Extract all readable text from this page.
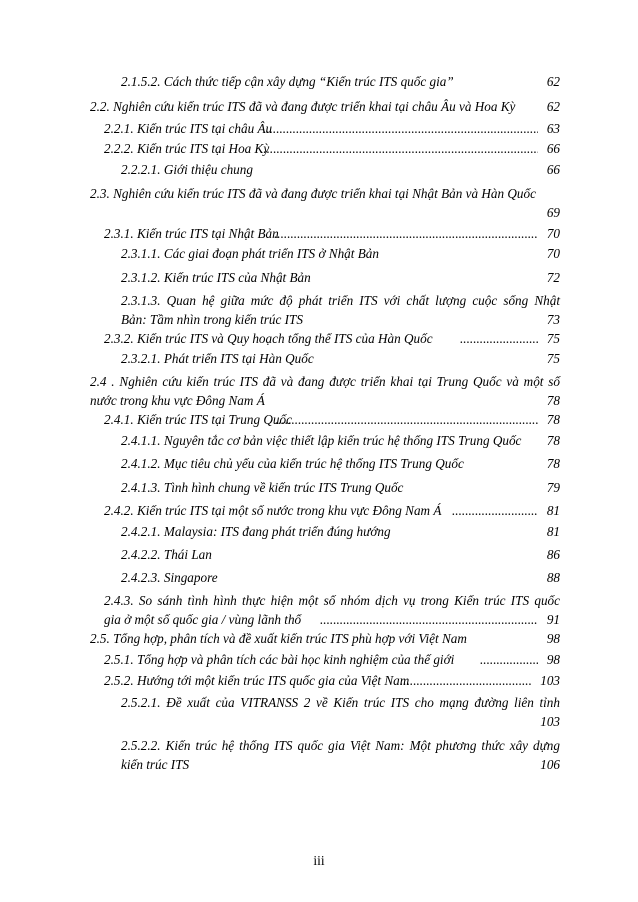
2.1.5.2. Cách thức tiếp cận xây dựng “Kiến trúc ITS quốc gia”	62
2.2. Nghiên cứu kiến trúc ITS đã và đang được triển khai tại châu Âu và Hoa Kỳ 62
2.2.1. Kiến trúc ITS tại châu Âu .....	63
2.2.2. Kiến trúc ITS tại Hoa Kỳ .....	66
2.2.2.1. Giới thiệu chung	66
2.3. Nghiên cứu kiến trúc ITS đã và đang được triển khai tại Nhật Bản và Hàn Quốc
69
2.3.1. Kiến trúc ITS tại Nhật Bản .....	70
2.3.1.1. Các giai đoạn phát triển ITS ở Nhật Bản	70
2.3.1.2. Kiến trúc ITS của Nhật Bản	72
2.3.1.3. Quan hệ giữa mức độ phát triển ITS với chất lượng cuộc sống Nhật
Bản: Tầm nhìn trong kiến trúc ITS	73
2.3.2. Kiến trúc ITS và Quy hoạch tổng thể ITS của Hàn Quốc .....	75
2.3.2.1. Phát triển ITS tại Hàn Quốc	75
2.4 . Nghiên cứu kiến trúc ITS đã và đang được triển khai tại Trung Quốc và một số
nước trong khu vực Đông Nam Á	78
2.4.1. Kiến trúc ITS tại Trung Quốc .....	78
2.4.1.1. Nguyên tắc cơ bản việc thiết lập kiến trúc hệ thống ITS Trung Quốc 78
2.4.1.2. Mục tiêu chủ yếu của kiến trúc hệ thống ITS Trung Quốc	78
2.4.1.3. Tình hình chung về kiến trúc ITS Trung Quốc	79
2.4.2. Kiến trúc ITS tại một số nước trong khu vực Đông Nam Á .....	81
2.4.2.1. Malaysia: ITS đang phát triển đúng hướng	81
2.4.2.2. Thái Lan	86
2.4.2.3. Singapore	88
2.4.3. So sánh tình hình thực hiện một số nhóm dịch vụ trong Kiến trúc ITS quốc
gia ở một số quốc gia / vùng lãnh thổ .....	91
2.5. Tổng hợp, phân tích và đề xuất kiến trúc ITS phù hợp với Việt Nam	98
2.5.1. Tổng hợp và phân tích các bài học kinh nghiệm của thế giới .....	98
2.5.2. Hướng tới một kiến trúc ITS quốc gia của Việt Nam .....	103
2.5.2.1. Đề xuất của VITRANSS 2 về Kiến trúc ITS cho mạng đường liên tỉnh
103
2.5.2.2. Kiến trúc hệ thống ITS quốc gia Việt Nam: Một phương thức xây dựng
kiến trúc ITS	106
iii
